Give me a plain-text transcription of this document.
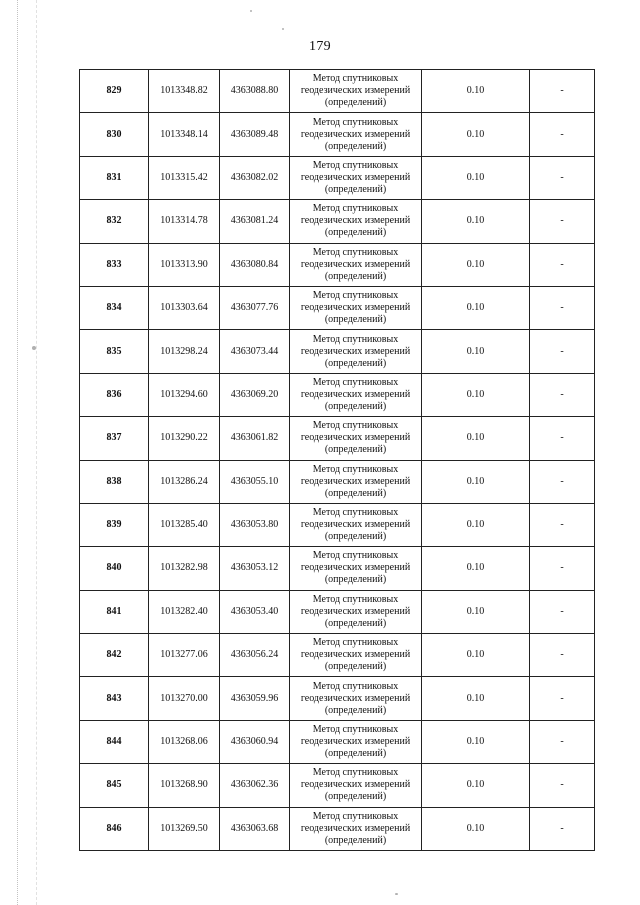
179
829	1013348.82	4363088.80	Метод спутниковых
геодезических измерений
(определений)	0.10	-
830	1013348.14	4363089.48	Метод спутниковых
геодезических измерений
(определений)	0.10	-
831	1013315.42	4363082.02	Метод спутниковых
геодезических измерений
(определений)	0.10	-
832	1013314.78	4363081.24	Метод спутниковых
геодезических измерений
(определений)	0.10	-
833	1013313.90	4363080.84	Метод спутниковых
геодезических измерений
(определений)	0.10	-
834	1013303.64	4363077.76	Метод спутниковых
геодезических измерений
(определений)	0.10	-
835	1013298.24	4363073.44	Метод спутниковых
геодезических измерений
(определений)	0.10	-
836	1013294.60	4363069.20	Метод спутниковых
геодезических измерений
(определений)	0.10	-
837	1013290.22	4363061.82	Метод спутниковых
геодезических измерений
(определений)	0.10	-
838	1013286.24	4363055.10	Метод спутниковых
геодезических измерений
(определений)	0.10	-
839	1013285.40	4363053.80	Метод спутниковых
геодезических измерений
(определений)	0.10	-
840	1013282.98	4363053.12	Метод спутниковых
геодезических измерений
(определений)	0.10	-
841	1013282.40	4363053.40	Метод спутниковых
геодезических измерений
(определений)	0.10	-
842	1013277.06	4363056.24	Метод спутниковых
геодезических измерений
(определений)	0.10	-
843	1013270.00	4363059.96	Метод спутниковых
геодезических измерений
(определений)	0.10	-
844	1013268.06	4363060.94	Метод спутниковых
геодезических измерений
(определений)	0.10	-
845	1013268.90	4363062.36	Метод спутниковых
геодезических измерений
(определений)	0.10	-
846	1013269.50	4363063.68	Метод спутниковых
геодезических измерений
(определений)	0.10	-
